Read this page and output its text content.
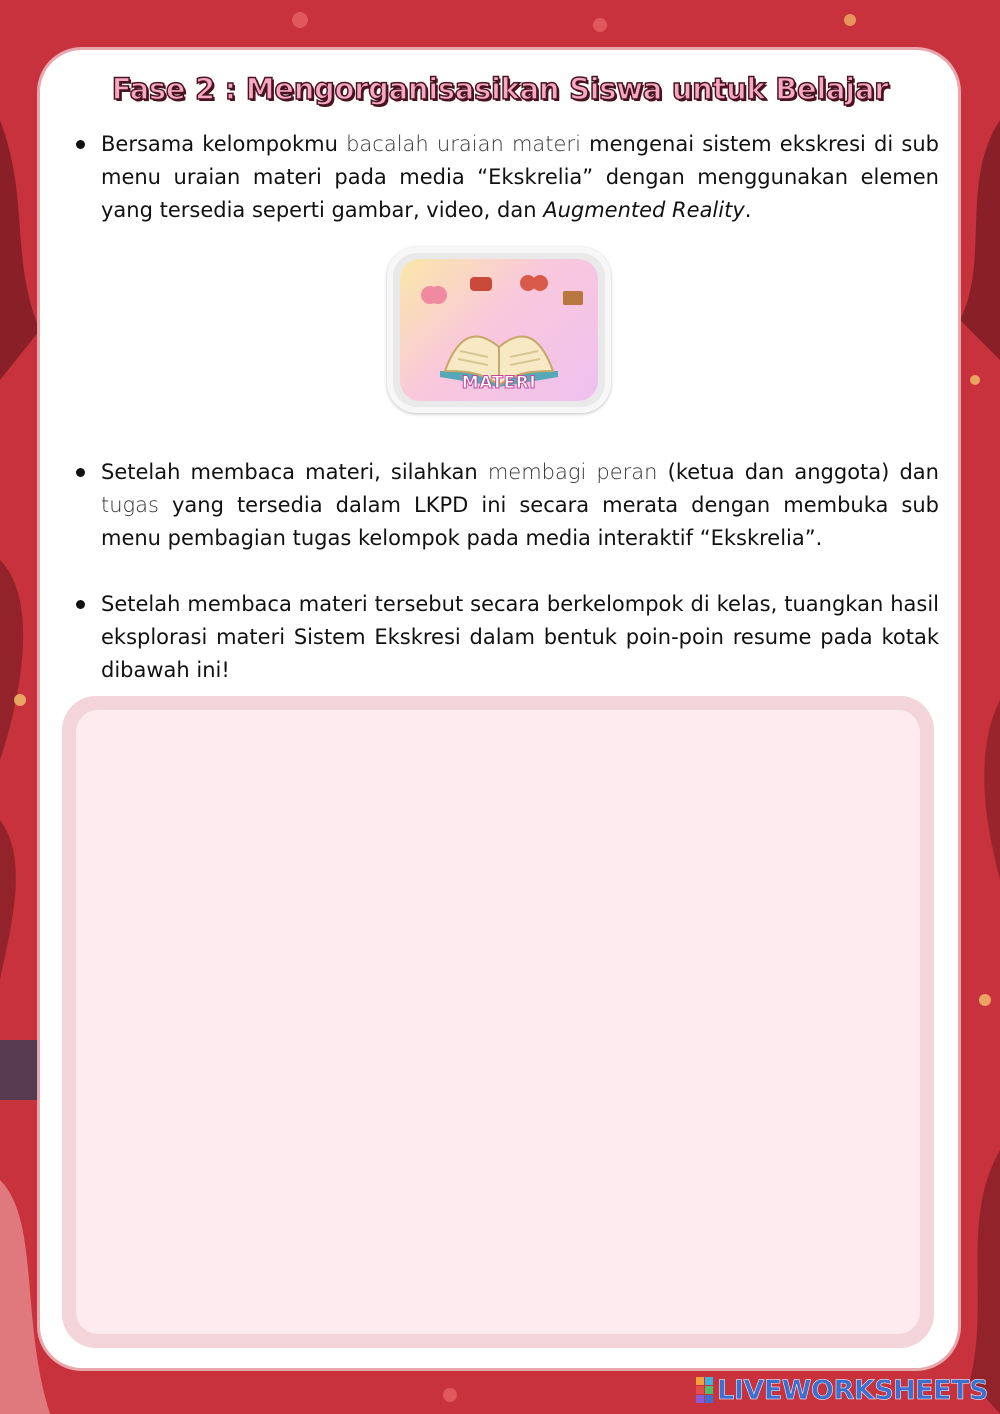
Fase 2 : Mengorganisasikan Siswa untuk Belajar
Bersama kelompokmu bacalah uraian materi mengenai sistem ekskresi di sub menu uraian materi pada media “Ekskrelia” dengan menggunakan elemen yang tersedia seperti gambar, video, dan Augmented Reality.
MATERI
Setelah membaca materi, silahkan membagi peran (ketua dan anggota) dan tugas yang tersedia dalam LKPD ini secara merata dengan membuka sub menu pembagian tugas kelompok pada media interaktif “Ekskrelia”.
Setelah membaca materi tersebut secara berkelompok di kelas, tuangkan hasil eksplorasi materi Sistem Ekskresi dalam bentuk poin-poin resume pada kotak dibawah ini!
LIVEWORKSHEETS
